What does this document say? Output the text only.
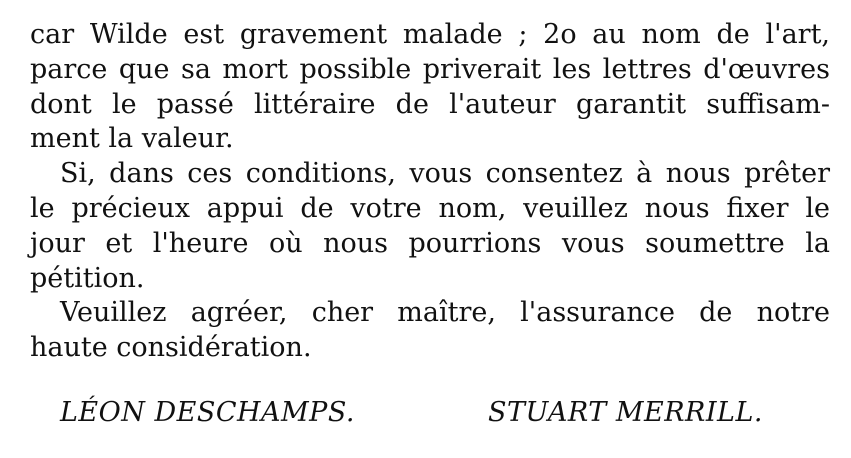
car Wilde est gravement malade ; 2o au nom de l'art,
parce que sa mort possible priverait les lettres d'œuvres
dont le passé littéraire de l'auteur garantit suffisam-
ment la valeur.
Si, dans ces conditions, vous consentez à nous prêter
le précieux appui de votre nom, veuillez nous fixer le
jour et l'heure où nous pourrions vous soumettre la
pétition.
Veuillez agréer, cher maître, l'assurance de notre
haute considération.
LÉON DESCHAMPS.	STUART MERRILL.
